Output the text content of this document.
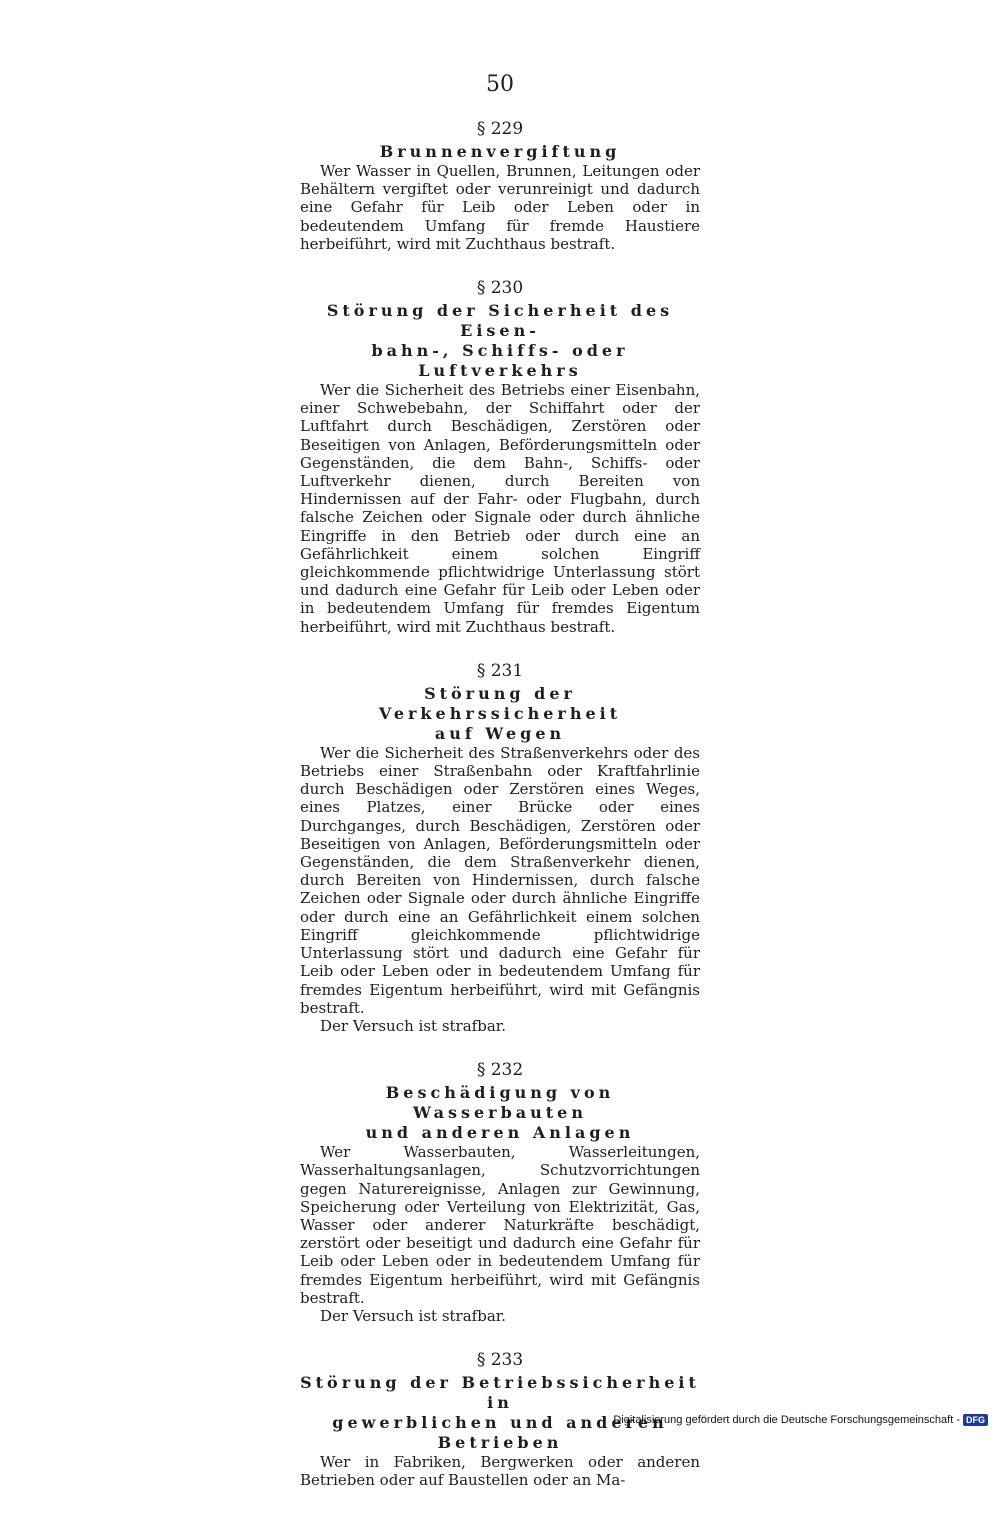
50
§ 229
Brunnenvergiftung

Wer Wasser in Quellen, Brunnen, Leitungen oder Behältern vergiftet oder verunreinigt und dadurch eine Gefahr für Leib oder Leben oder in bedeutendem Umfang für fremde Haustiere herbeiführt, wird mit Zuchthaus bestraft.

§ 230
Störung der Sicherheit des Eisen-
bahn-, Schiffs- oder Luftverkehrs

Wer die Sicherheit des Betriebs einer Eisenbahn, einer Schwebebahn, der Schiffahrt oder der Luftfahrt durch Beschädigen, Zerstören oder Beseitigen von Anlagen, Beförderungsmitteln oder Gegenständen, die dem Bahn-, Schiffs- oder Luftverkehr dienen, durch Bereiten von Hindernissen auf der Fahr- oder Flugbahn, durch falsche Zeichen oder Signale oder durch ähnliche Eingriffe in den Betrieb oder durch eine an Gefährlichkeit einem solchen Eingriff gleichkommende pflichtwidrige Unterlassung stört und dadurch eine Gefahr für Leib oder Leben oder in bedeutendem Umfang für fremdes Eigentum herbeiführt, wird mit Zuchthaus bestraft.

§ 231
Störung der Verkehrssicherheit
auf Wegen

Wer die Sicherheit des Straßenverkehrs oder des Betriebs einer Straßenbahn oder Kraftfahrlinie durch Beschädigen oder Zerstören eines Weges, eines Platzes, einer Brücke oder eines Durchganges, durch Beschädigen, Zerstören oder Beseitigen von Anlagen, Beförderungsmitteln oder Gegenständen, die dem Straßenverkehr dienen, durch Bereiten von Hindernissen, durch falsche Zeichen oder Signale oder durch ähnliche Eingriffe oder durch eine an Gefährlichkeit einem solchen Eingriff gleichkommende pflichtwidrige Unterlassung stört und dadurch eine Gefahr für Leib oder Leben oder in bedeutendem Umfang für fremdes Eigentum herbeiführt, wird mit Gefängnis bestraft.

Der Versuch ist strafbar.

§ 232
Beschädigung von Wasserbauten
und anderen Anlagen

Wer Wasserbauten, Wasserleitungen, Wasserhaltungsanlagen, Schutzvorrichtungen gegen Naturereignisse, Anlagen zur Gewinnung, Speicherung oder Verteilung von Elektrizität, Gas, Wasser oder anderer Naturkräfte beschädigt, zerstört oder beseitigt und dadurch eine Gefahr für Leib oder Leben oder in bedeutendem Umfang für fremdes Eigentum herbeiführt, wird mit Gefängnis bestraft.

Der Versuch ist strafbar.

§ 233
Störung der Betriebssicherheit in
gewerblichen und anderen Betrieben

Wer in Fabriken, Bergwerken oder anderen Betrieben oder auf Baustellen oder an Ma-

Digitalisierung gefördert durch die Deutsche Forschungsgemeinschaft - DFG
